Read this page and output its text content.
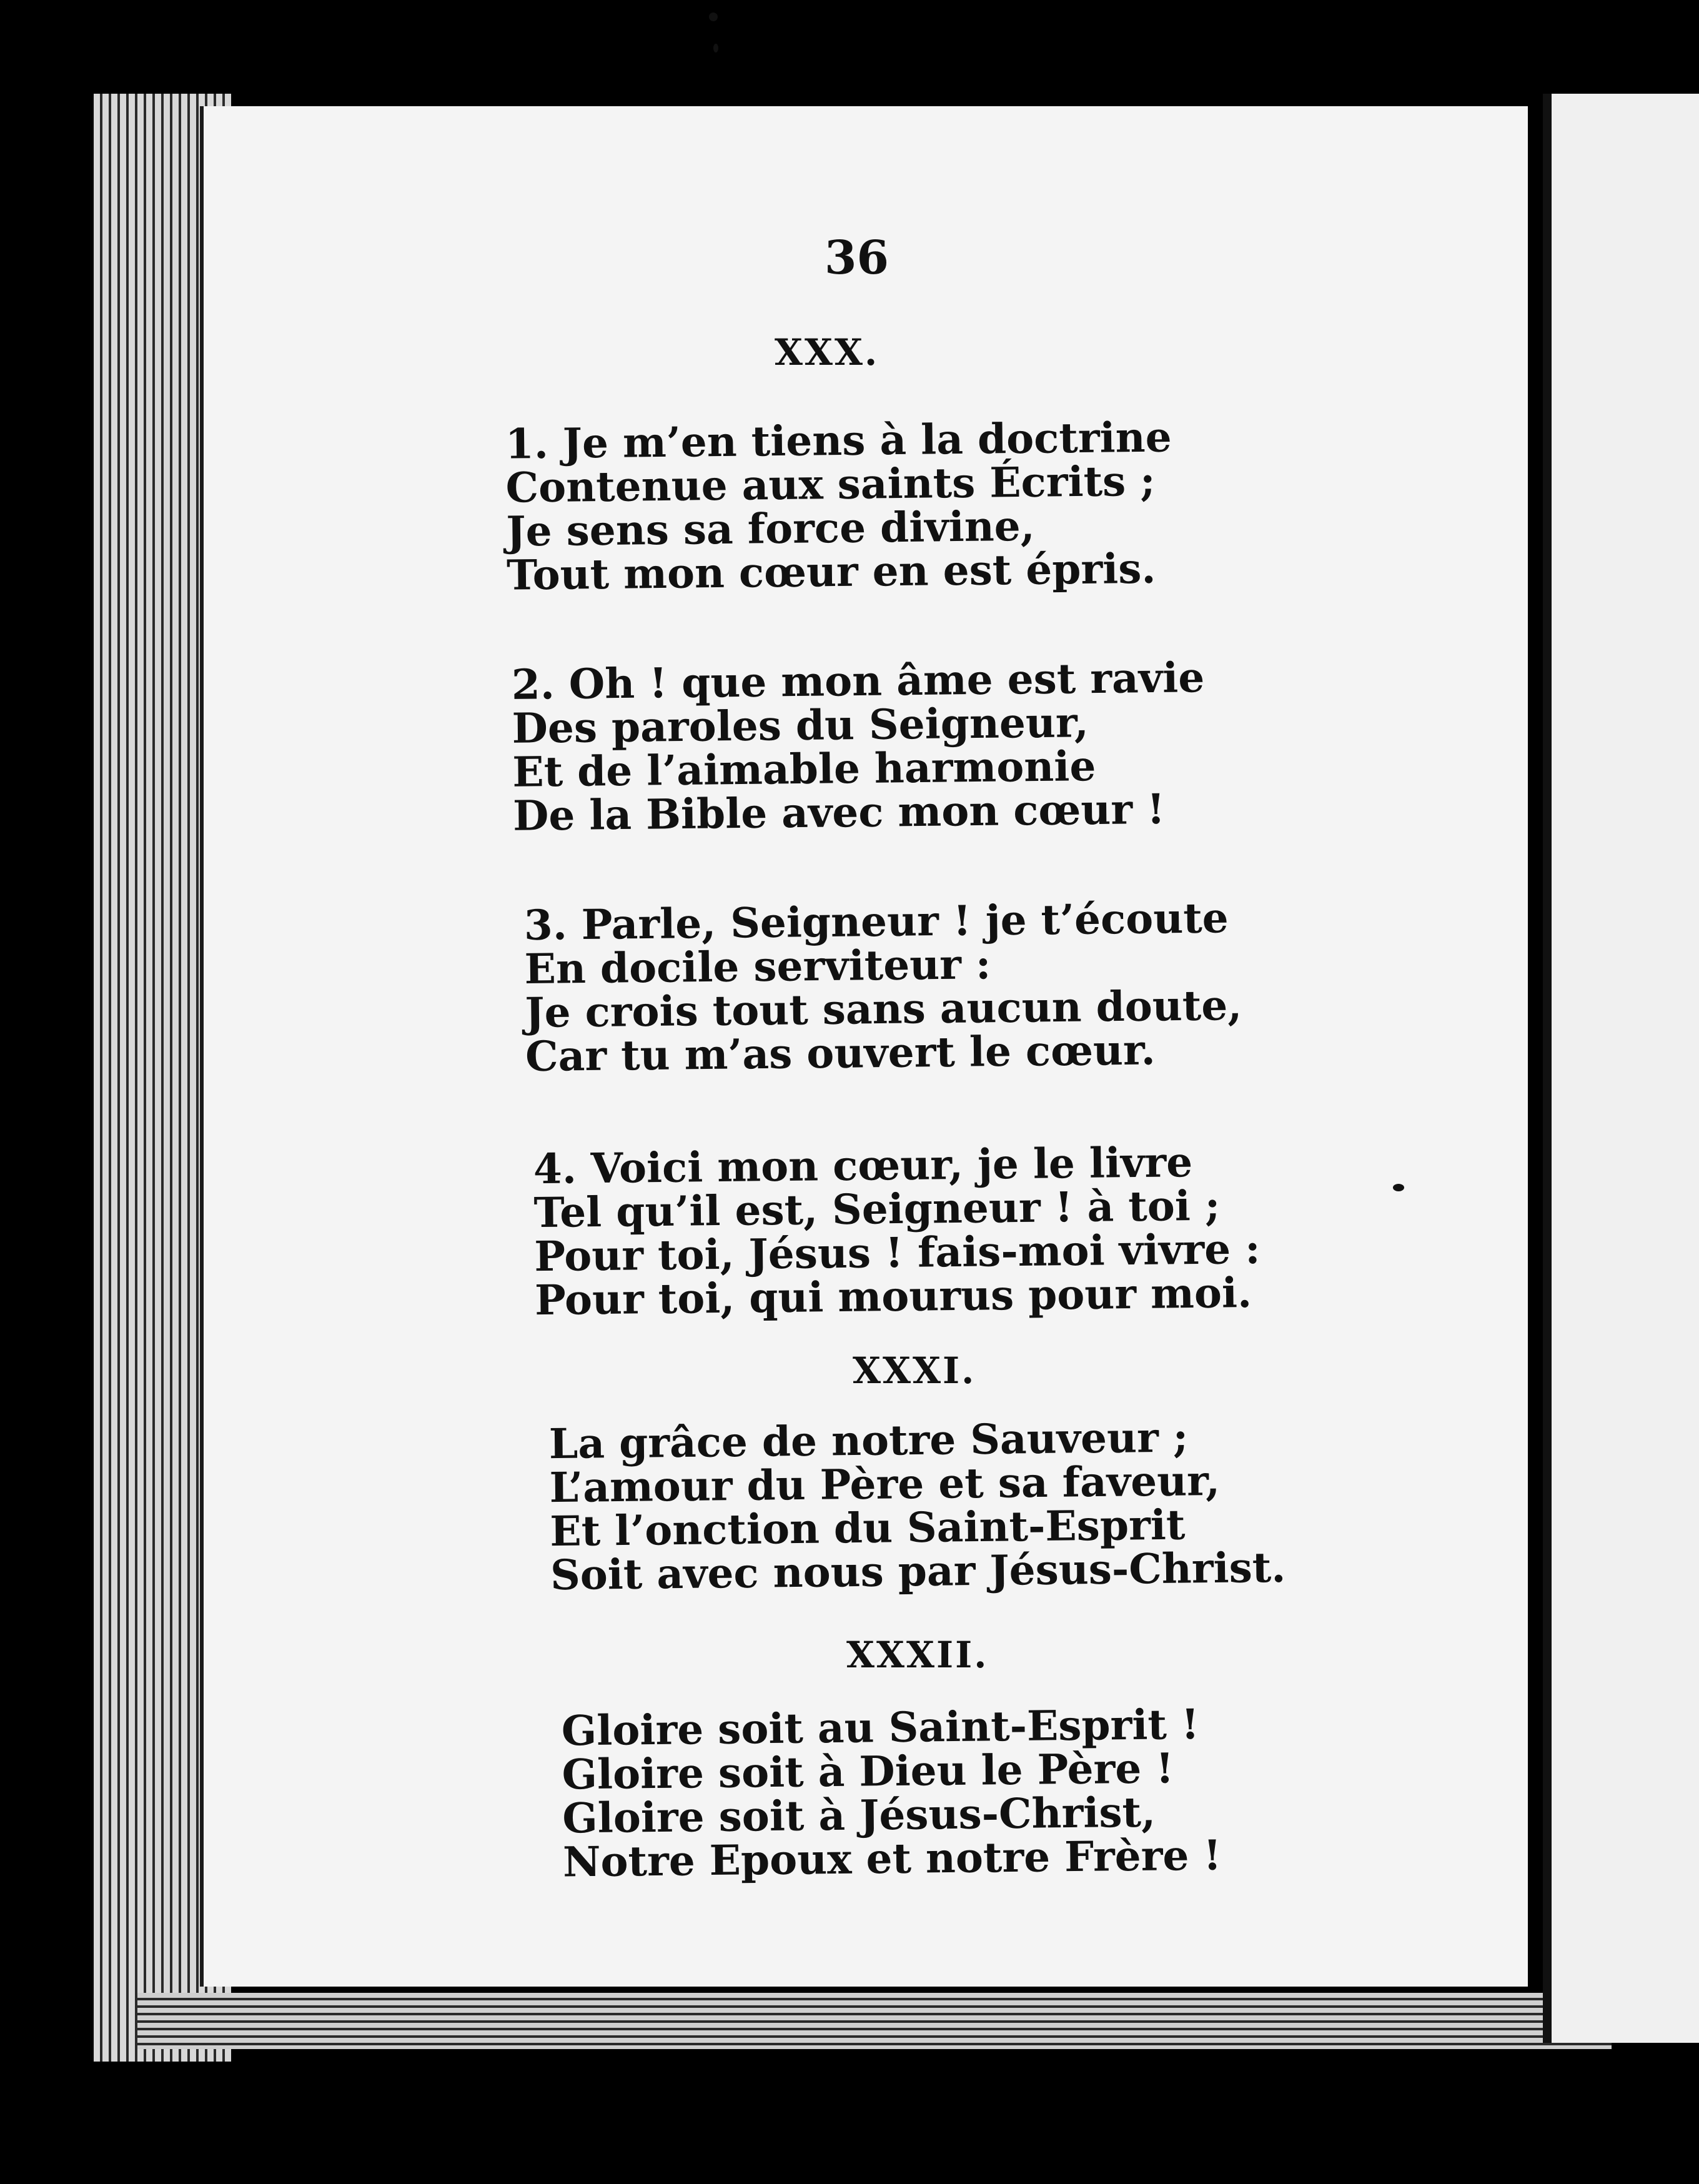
36
XXX.
1. Je m’en tiens à la doctrine
Contenue aux saints Écrits ;
Je sens sa force divine,
Tout mon cœur en est épris.
2. Oh ! que mon âme est ravie
Des paroles du Seigneur,
Et de l’aimable harmonie
De la Bible avec mon cœur !
3. Parle, Seigneur ! je t’écoute
En docile serviteur :
Je crois tout sans aucun doute,
Car tu m’as ouvert le cœur.
4. Voici mon cœur, je le livre
Tel qu’il est, Seigneur ! à toi ;
Pour toi, Jésus ! fais-moi vivre :
Pour toi, qui mourus pour moi.
XXXI.
La grâce de notre Sauveur ;
L’amour du Père et sa faveur,
Et l’onction du Saint-Esprit
Soit avec nous par Jésus-Christ.
XXXII.
Gloire soit au Saint-Esprit !
Gloire soit à Dieu le Père !
Gloire soit à Jésus-Christ,
Notre Epoux et notre Frère !
